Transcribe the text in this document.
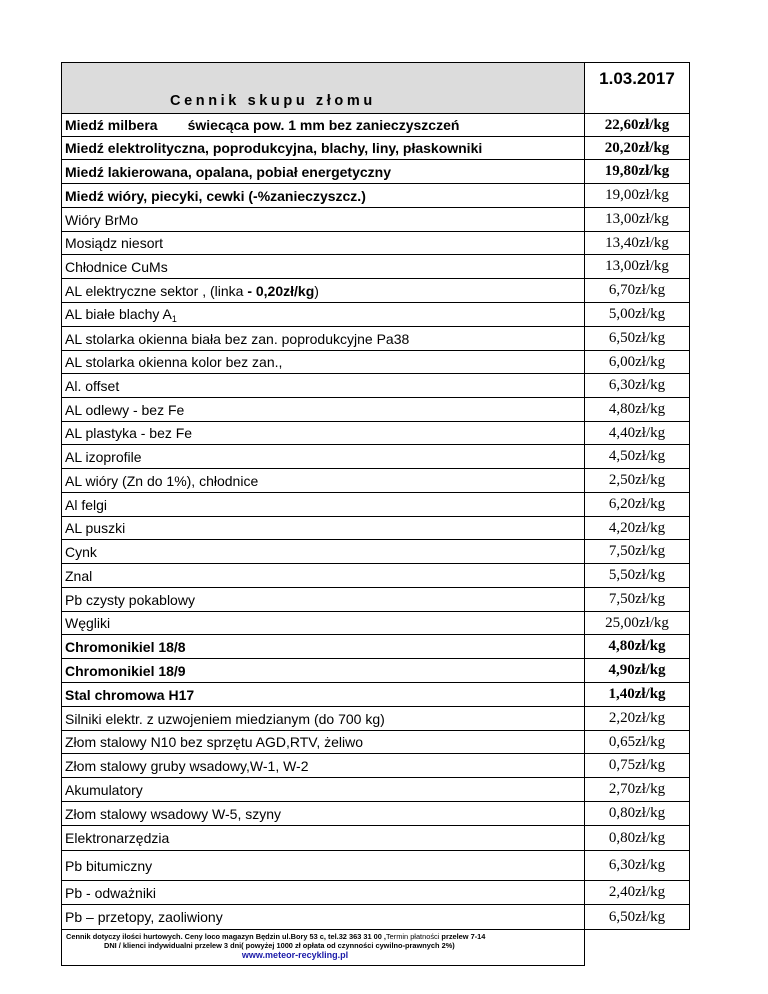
Cennik skupu złomu	1.03.2017

Miedź milbera świecąca pow. 1 mm bez zanieczyszczeń	22,60zł/kg
Miedź elektrolityczna, poprodukcyjna, blachy, liny, płaskowniki	20,20zł/kg
Miedź lakierowana, opalana, pobiał energetyczny	19,80zł/kg
Miedź wióry, piecyki, cewki (-%zanieczyszcz.)	19,00zł/kg
Wióry BrMo	13,00zł/kg
Mosiądz niesort	13,40zł/kg
Chłodnice CuMs	13,00zł/kg
AL elektryczne sektor , (linka - 0,20zł/kg)	6,70zł/kg
AL białe blachy $A_1$	5,00zł/kg
AL stolarka okienna biała bez zan. poprodukcyjne Pa38	6,50zł/kg
AL stolarka okienna kolor bez zan.,	6,00zł/kg
Al. offset	6,30zł/kg
AL odlewy - bez Fe	4,80zł/kg
AL plastyka - bez Fe	4,40zł/kg
AL izoprofile	4,50zł/kg
AL wióry (Zn do 1%), chłodnice	2,50zł/kg
Al felgi	6,20zł/kg
AL puszki	4,20zł/kg
Cynk	7,50zł/kg
Znal	5,50zł/kg
Pb czysty pokablowy	7,50zł/kg
Węgliki	25,00zł/kg
Chromonikiel 18/8	4,80zł/kg
Chromonikiel 18/9	4,90zł/kg
Stal chromowa H17	1,40zł/kg
Silniki elektr. z uzwojeniem miedzianym (do 700 kg)	2,20zł/kg
Złom stalowy N10 bez sprzętu AGD,RTV, żeliwo	0,65zł/kg
Złom stalowy gruby wsadowy,W-1, W-2	0,75zł/kg
Akumulatory	2,70zł/kg
Złom stalowy wsadowy W-5, szyny	0,80zł/kg
Elektronarzędzia	0,80zł/kg
Pb bitumiczny	6,30zł/kg
Pb - odważniki	2,40zł/kg
Pb – przetopy, zaoliwiony	6,50zł/kg
Cennik dotyczy ilości hurtowych. Ceny loco magazyn Będzin ul.Bory 53 c, tel.32 363 31 00 ,Termin płatności przelew 7-14
DNI / klienci indywidualni przelew 3 dni( powyżej 1000 zł opłata od czynności cywilno-prawnych 2%)
www.meteor-recykling.pl	
